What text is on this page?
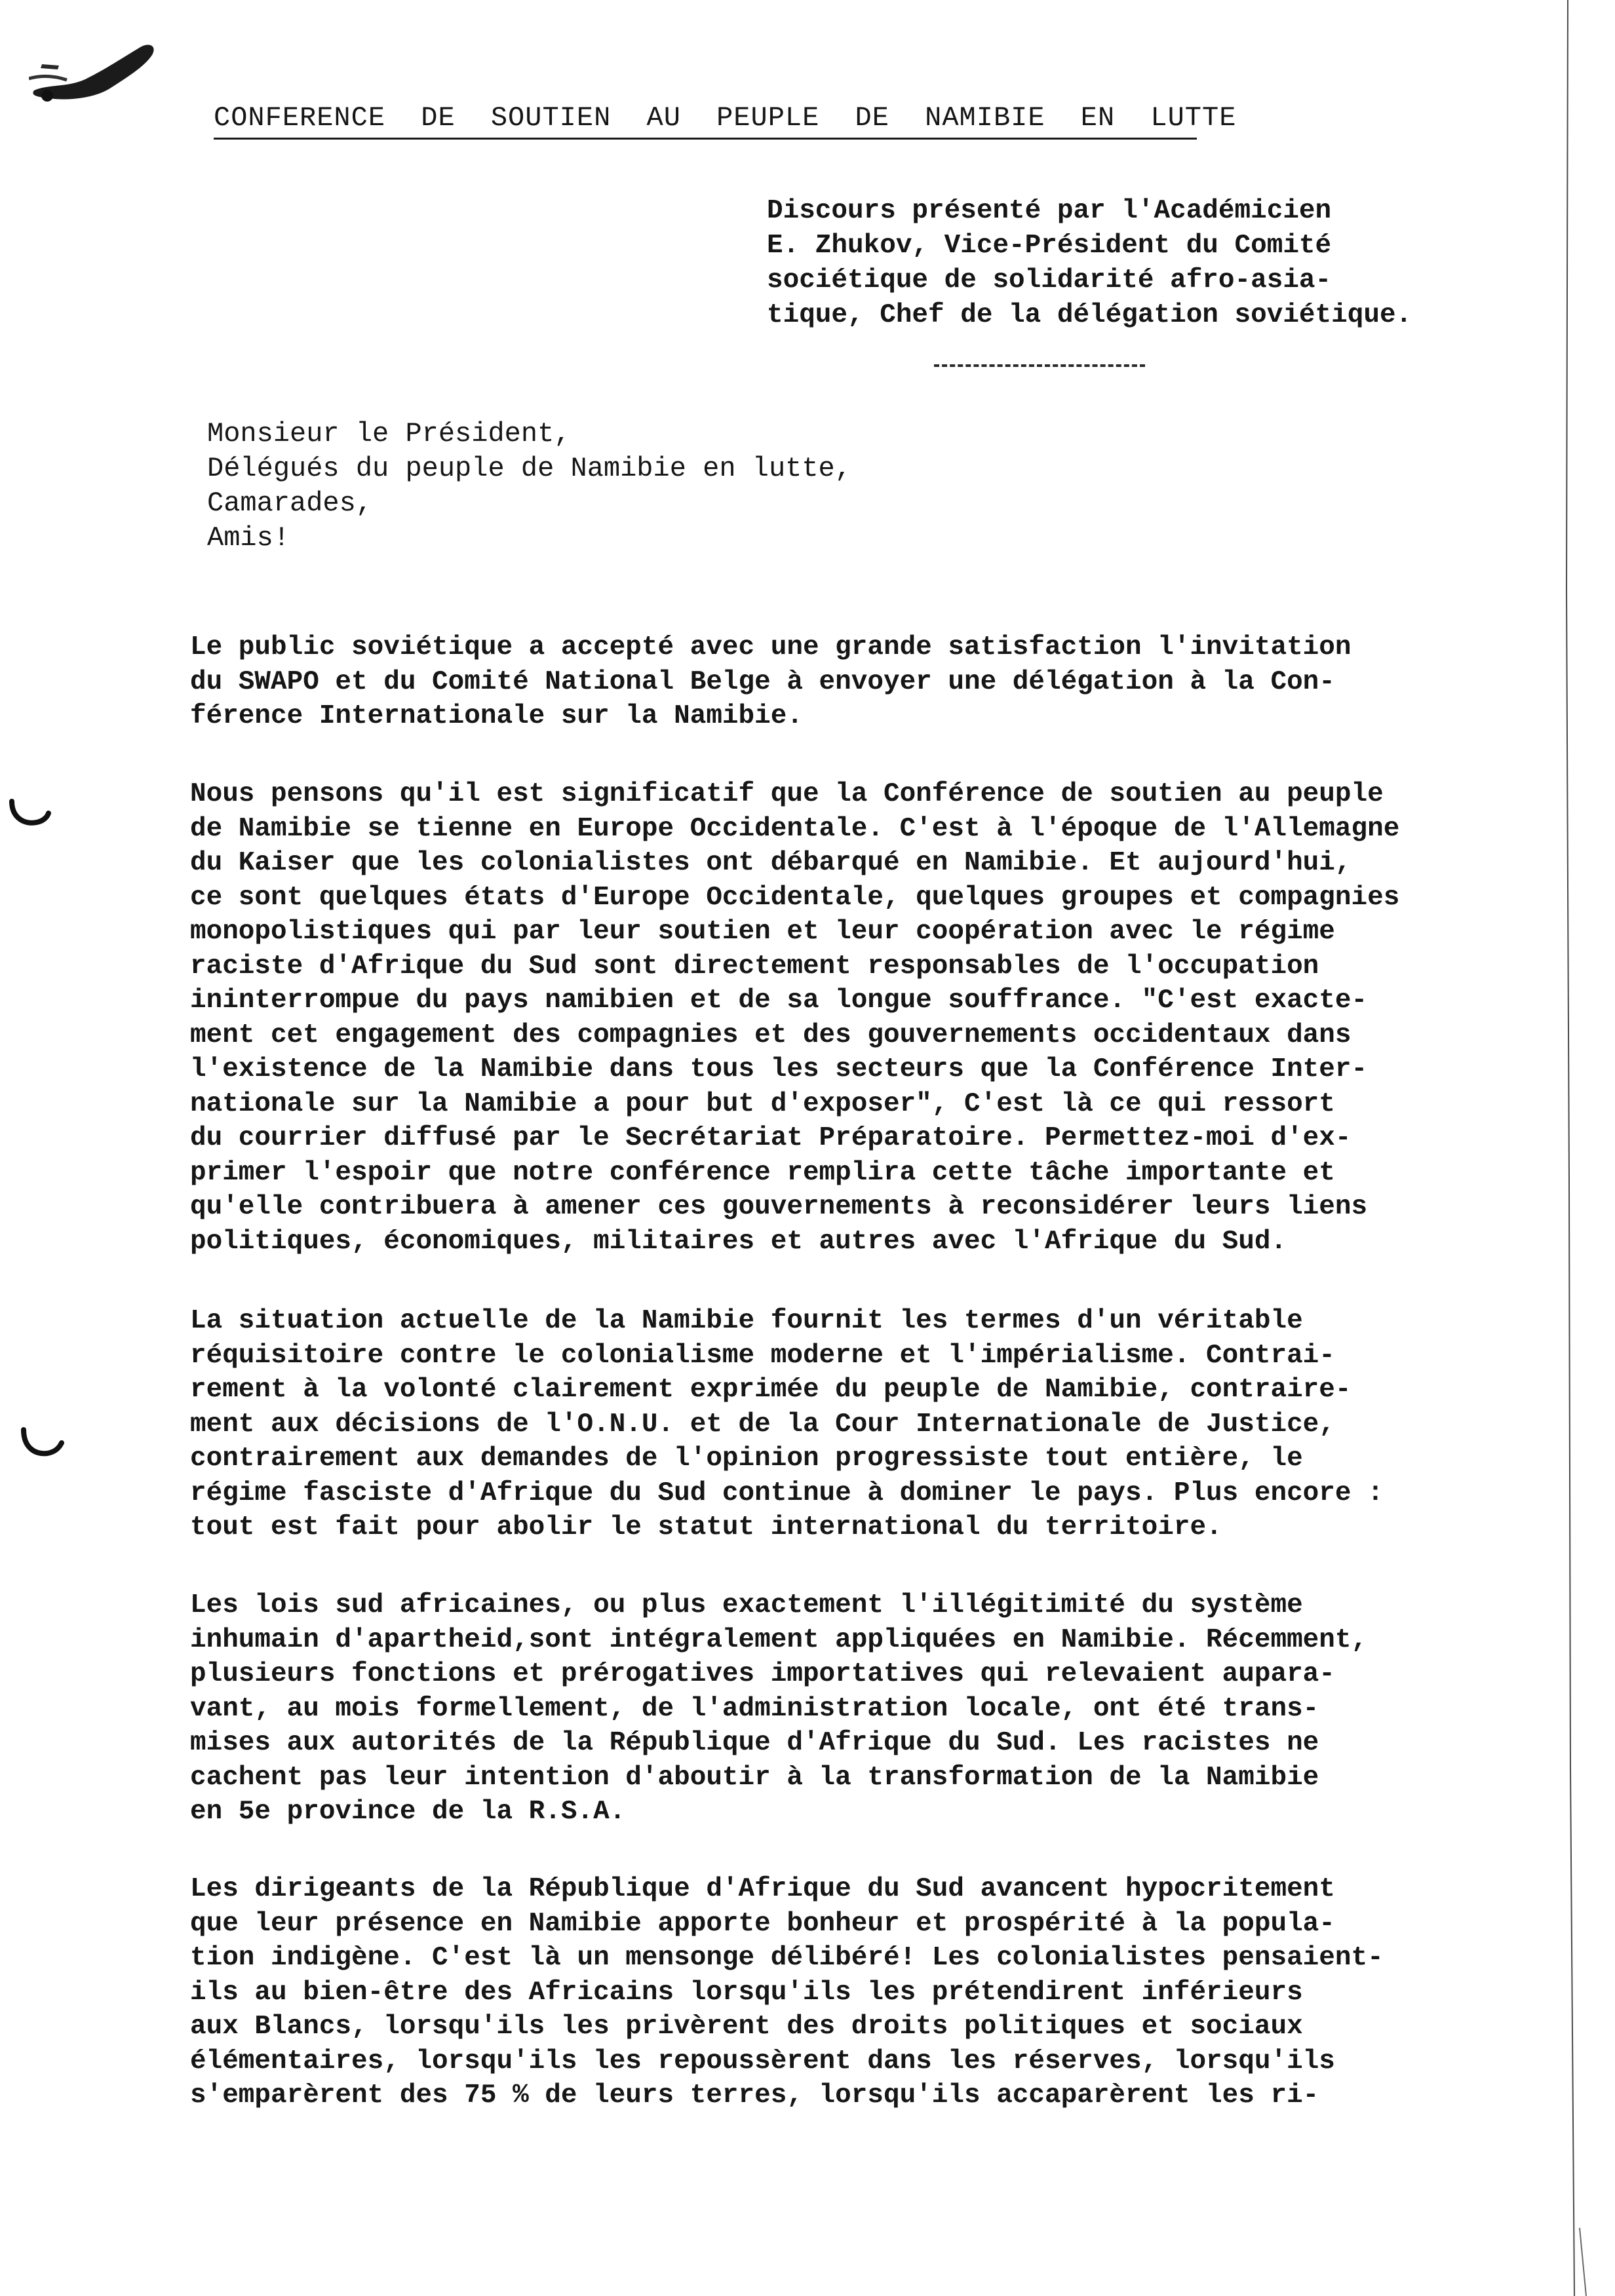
CONFERENCE DE SOUTIEN AU PEUPLE DE NAMIBIE EN LUTTE
Discours présenté par l'Académicien
E. Zhukov, Vice-Président du Comité
sociétique de solidarité afro-asia-
tique, Chef de la délégation soviétique.
Monsieur le Président,
Délégués du peuple de Namibie en lutte,
Camarades,
Amis!
Le public soviétique a accepté avec une grande satisfaction l'invitation
du SWAPO et du Comité National Belge à envoyer une délégation à la Con-
férence Internationale sur la Namibie.
Nous pensons qu'il est significatif que la Conférence de soutien au peuple
de Namibie se tienne en Europe Occidentale. C'est à l'époque de l'Allemagne
du Kaiser que les colonialistes ont débarqué en Namibie. Et aujourd'hui,
ce sont quelques états d'Europe Occidentale, quelques groupes et compagnies
monopolistiques qui par leur soutien et leur coopération avec le régime
raciste d'Afrique du Sud sont directement responsables de l'occupation
ininterrompue du pays namibien et de sa longue souffrance. "C'est exacte-
ment cet engagement des compagnies et des gouvernements occidentaux dans
l'existence de la Namibie dans tous les secteurs que la Conférence Inter-
nationale sur la Namibie a pour but d'exposer", C'est là ce qui ressort
du courrier diffusé par le Secrétariat Préparatoire. Permettez-moi d'ex-
primer l'espoir que notre conférence remplira cette tâche importante et
qu'elle contribuera à amener ces gouvernements à reconsidérer leurs liens
politiques, économiques, militaires et autres avec l'Afrique du Sud.
La situation actuelle de la Namibie fournit les termes d'un véritable
réquisitoire contre le colonialisme moderne et l'impérialisme. Contrai-
rement à la volonté clairement exprimée du peuple de Namibie, contraire-
ment aux décisions de l'O.N.U. et de la Cour Internationale de Justice,
contrairement aux demandes de l'opinion progressiste tout entière, le
régime fasciste d'Afrique du Sud continue à dominer le pays. Plus encore :
tout est fait pour abolir le statut international du territoire.
Les lois sud africaines, ou plus exactement l'illégitimité du système
inhumain d'apartheid,sont intégralement appliquées en Namibie. Récemment,
plusieurs fonctions et prérogatives importatives qui relevaient auparа-
vant, au mois formellement, de l'administration locale, ont été trans-
mises aux autorités de la République d'Afrique du Sud. Les racistes ne
cachent pas leur intention d'aboutir à la transformation de la Namibie
en 5e province de la R.S.A.
Les dirigeants de la République d'Afrique du Sud avancent hypocritement
que leur présence en Namibie apporte bonheur et prospérité à la popula-
tion indigène. C'est là un mensonge délibéré! Les colonialistes pensaient-
ils au bien-être des Africains lorsqu'ils les prétendirent inférieurs
aux Blancs, lorsqu'ils les privèrent des droits politiques et sociaux
élémentaires, lorsqu'ils les repoussèrent dans les réserves, lorsqu'ils
s'emparèrent des 75 % de leurs terres, lorsqu'ils accaparèrent les ri-
